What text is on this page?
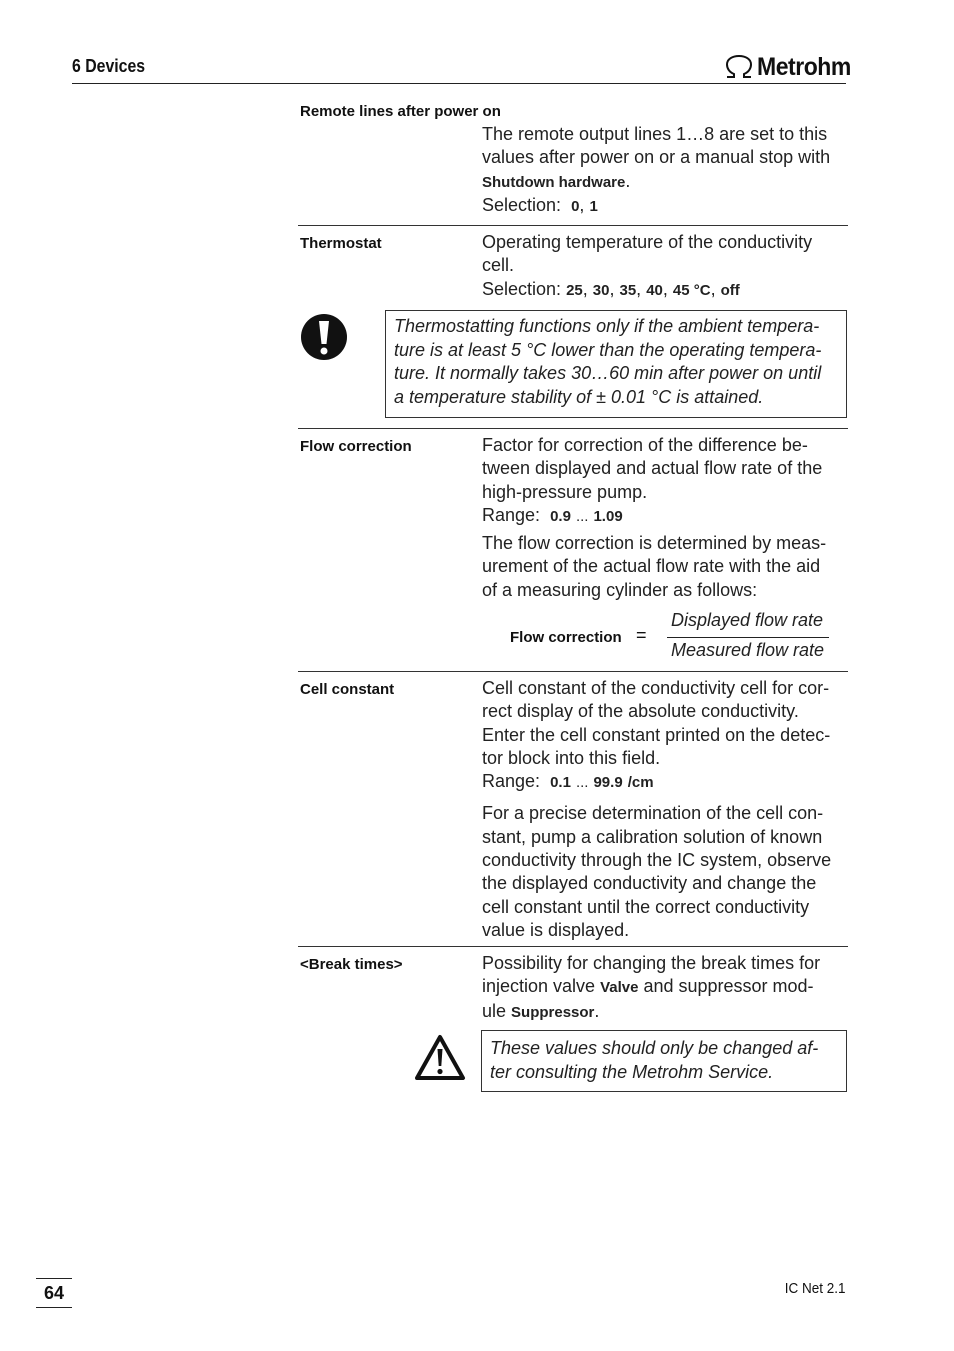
6 Devices	Metrohm
Remote lines after power on
The remote output lines 1…8 are set to this
values after power on or a manual stop with
Shutdown hardware.
Selection: 0, 1
Thermostat	Operating temperature of the conductivity
cell.
Selection: 25, 30, 35, 40, 45 °C, off
Thermostatting functions only if the ambient tempera-
ture is at least 5 °C lower than the operating tempera-
ture. It normally takes 30…60 min after power on until
a temperature stability of ± 0.01 °C is attained.
Flow correction	Factor for correction of the difference be-
tween displayed and actual flow rate of the
high-pressure pump.
Range: 0.9 ... 1.09
The flow correction is determined by meas-
urement of the actual flow rate with the aid
of a measuring cylinder as follows:
Flow correction =
Displayed flow rate
Measured flow rate
Cell constant	Cell constant of the conductivity cell for cor-
rect display of the absolute conductivity.
Enter the cell constant printed on the detec-
tor block into this field.
Range: 0.1 ... 99.9 /cm
For a precise determination of the cell con-
stant, pump a calibration solution of known
conductivity through the IC system, observe
the displayed conductivity and change the
cell constant until the correct conductivity
value is displayed.
<Break times>	Possibility for changing the break times for
injection valve Valve and suppressor mod-
ule Suppressor.
These values should only be changed af-
ter consulting the Metrohm Service.
64	IC Net 2.1
